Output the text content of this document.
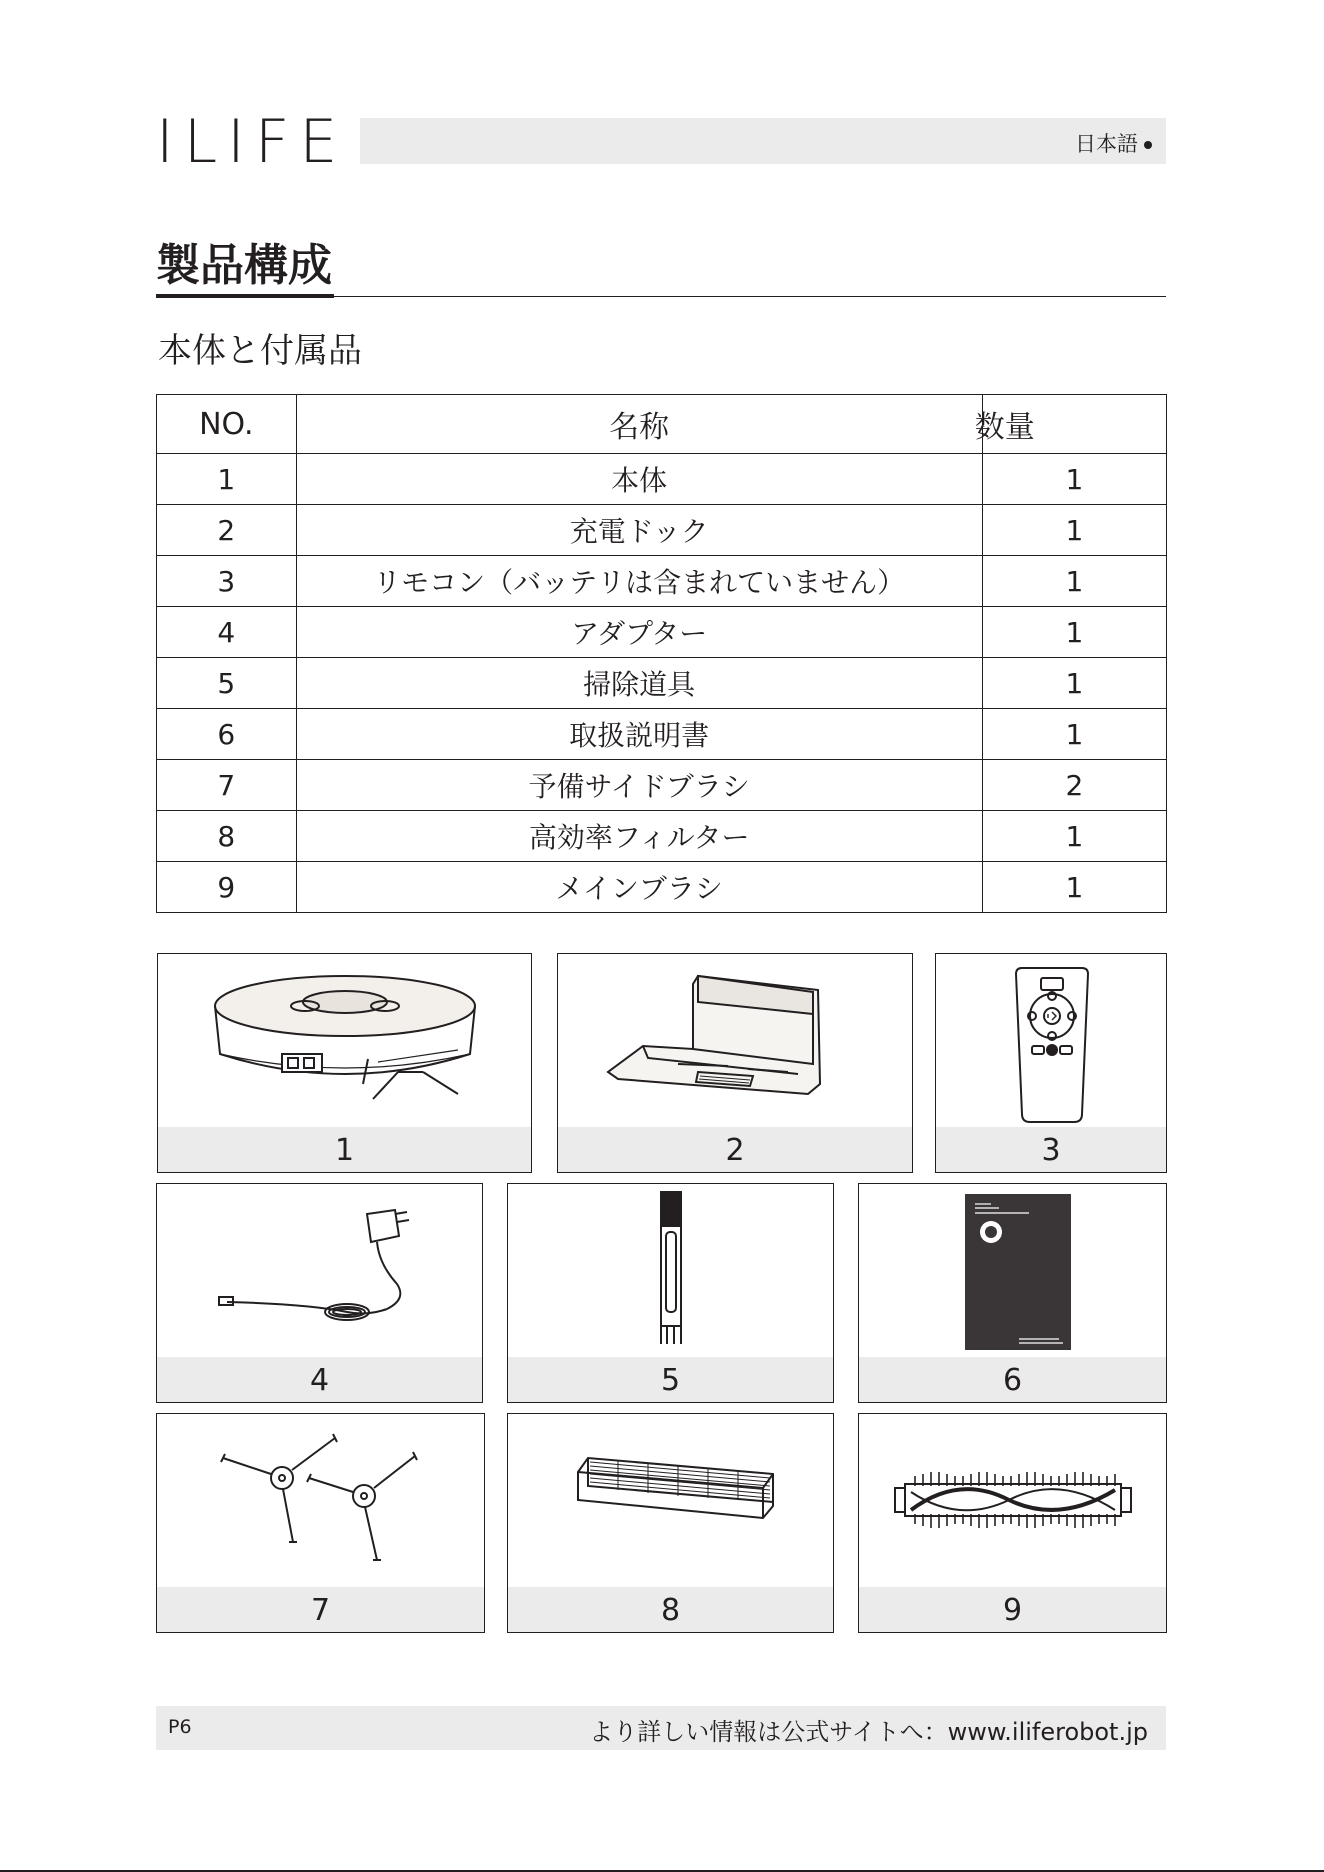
ILIFE	日本語
製品構成
本体と付属品
NO.	名称	数量
1	本体	1
2	充電ドック	1
3	リモコン（バッテリは含まれていません）	1
4	アダプター	1
5	掃除道具	1
6	取扱説明書	1
7	予備サイドブラシ	2
8	高効率フィルター	1
9	メインブラシ	1
1	2	3
4	5	6
7	8	9
P6	より詳しい情報は公式サイトへ：www.iliferobot.jp
